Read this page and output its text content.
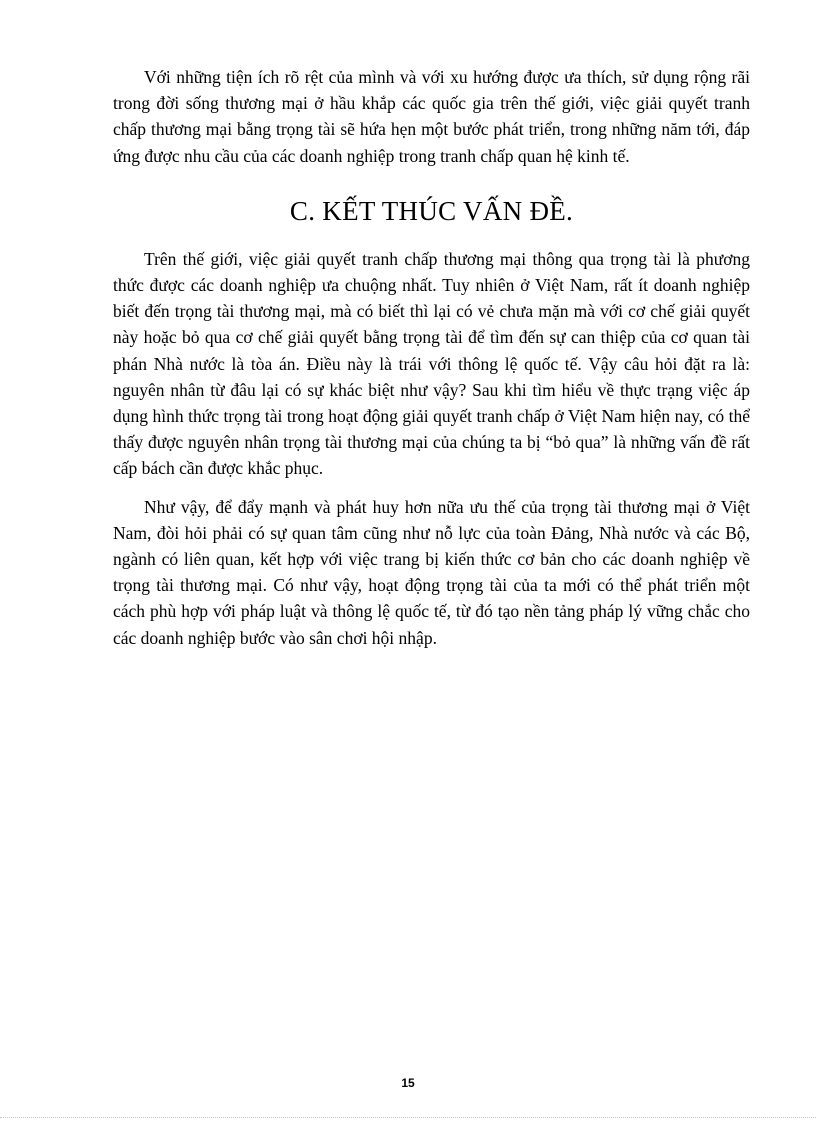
Với những tiện ích rõ rệt của mình và với xu hướng được ưa thích, sử dụng rộng rãi trong đời sống thương mại ở hầu khắp các quốc gia trên thế giới, việc giải quyết tranh chấp thương mại bằng trọng tài sẽ hứa hẹn một bước phát triển, trong những năm tới, đáp ứng được nhu cầu của các doanh nghiệp trong tranh chấp quan hệ kinh tế.

C. KẾT THÚC VẤN ĐỀ.

Trên thế giới, việc giải quyết tranh chấp thương mại thông qua trọng tài là phương thức được các doanh nghiệp ưa chuộng nhất. Tuy nhiên ở Việt Nam, rất ít doanh nghiệp biết đến trọng tài thương mại, mà có biết thì lại có vẻ chưa mặn mà với cơ chế giải quyết này hoặc bỏ qua cơ chế giải quyết bằng trọng tài để tìm đến sự can thiệp của cơ quan tài phán Nhà nước là tòa án. Điều này là trái với thông lệ quốc tế. Vậy câu hỏi đặt ra là: nguyên nhân từ đâu lại có sự khác biệt như vậy? Sau khi tìm hiểu về thực trạng việc áp dụng hình thức trọng tài trong hoạt động giải quyết tranh chấp ở Việt Nam hiện nay, có thể thấy được nguyên nhân trọng tài thương mại của chúng ta bị “bỏ qua” là những vấn đề rất cấp bách cần được khắc phục.

Như vậy, để đẩy mạnh và phát huy hơn nữa ưu thế của trọng tài thương mại ở Việt Nam, đòi hỏi phải có sự quan tâm cũng như nỗ lực của toàn Đảng, Nhà nước và các Bộ, ngành có liên quan, kết hợp với việc trang bị kiến thức cơ bản cho các doanh nghiệp về trọng tài thương mại. Có như vậy, hoạt động trọng tài của ta mới có thể phát triển một cách phù hợp với pháp luật và thông lệ quốc tế, từ đó tạo nền tảng pháp lý vững chắc cho các doanh nghiệp bước vào sân chơi hội nhập.

15
